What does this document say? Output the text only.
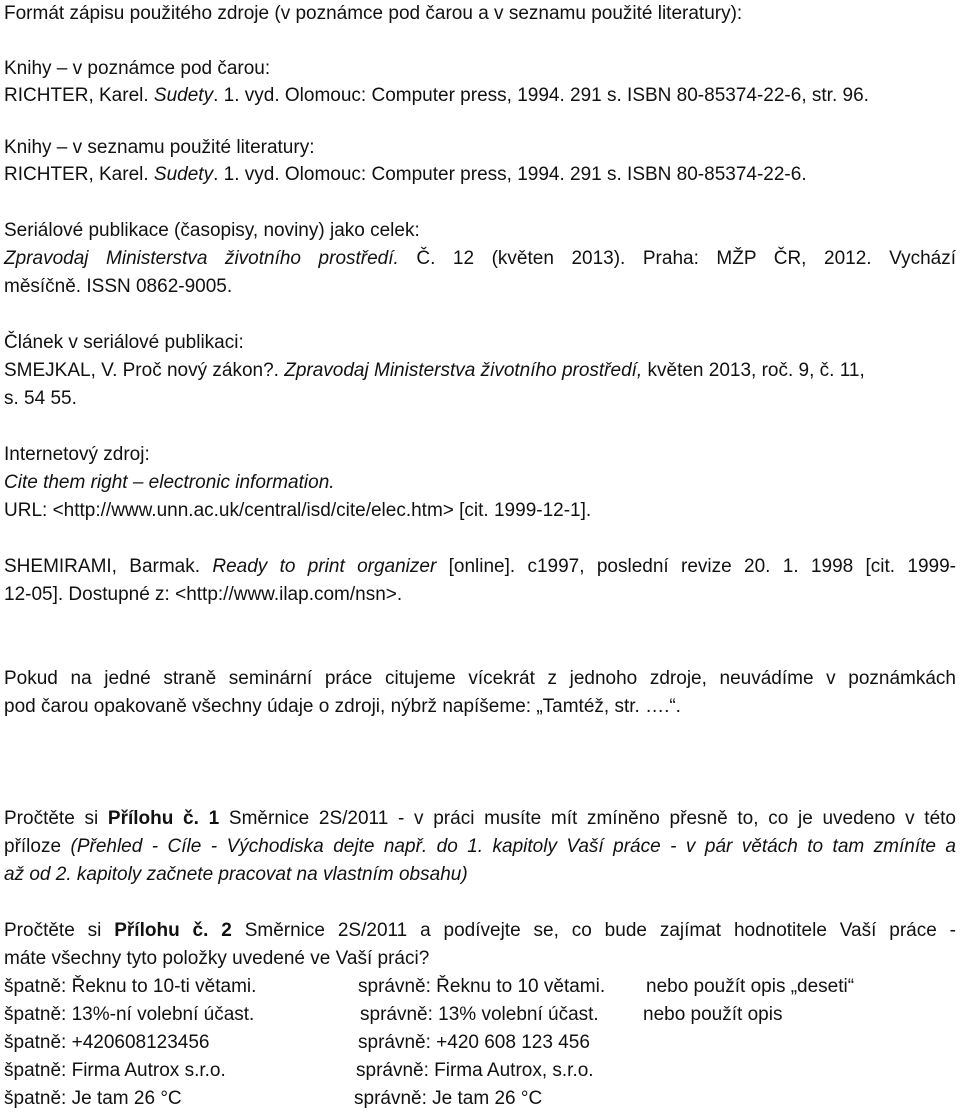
Formát zápisu použitého zdroje (v poznámce pod čarou a v seznamu použité literatury):
Knihy – v poznámce pod čarou:
RICHTER, Karel. Sudety. 1. vyd. Olomouc: Computer press, 1994. 291 s. ISBN 80-85374-22-6, str. 96.
Knihy – v seznamu použité literatury:
RICHTER, Karel. Sudety. 1. vyd. Olomouc: Computer press, 1994. 291 s. ISBN 80-85374-22-6.
Seriálové publikace (časopisy, noviny) jako celek:
Zpravodaj Ministerstva životního prostředí. Č. 12 (květen 2013). Praha: MŽP ČR, 2012. Vychází
měsíčně. ISSN 0862-9005.
Článek v seriálové publikaci:
SMEJKAL, V. Proč nový zákon?. Zpravodaj Ministerstva životního prostředí, květen 2013, roč. 9, č. 11,
s. 54 55.
Internetový zdroj:
Cite them right – electronic information.
URL: <http://www.unn.ac.uk/central/isd/cite/elec.htm> [cit. 1999-12-1].
SHEMIRAMI, Barmak. Ready to print organizer [online]. c1997, poslední revize 20. 1. 1998 [cit. 1999-
12-05]. Dostupné z: <http://www.ilap.com/nsn>.
Pokud na jedné straně seminární práce citujeme vícekrát z jednoho zdroje, neuvádíme v poznámkách
pod čarou opakovaně všechny údaje o zdroji, nýbrž napíšeme: „Tamtéž, str. ….“.
Pročtěte si Přílohu č. 1 Směrnice 2S/2011 - v práci musíte mít zmíněno přesně to, co je uvedeno v této
příloze (Přehled - Cíle - Východiska dejte např. do 1. kapitoly Vaší práce - v pár větách to tam zmíníte a
až od 2. kapitoly začnete pracovat na vlastním obsahu)
Pročtěte si Přílohu č. 2 Směrnice 2S/2011 a podívejte se, co bude zajímat hodnotitele Vaší práce -
máte všechny tyto položky uvedené ve Vaší práci?
špatně: Řeknu to 10-ti větami.	správně: Řeknu to 10 větami. nebo použít opis „deseti“
špatně: 13%-ní volební účast.	správně: 13% volební účast. nebo použít opis
špatně: +420608123456	správně: +420 608 123 456
špatně: Firma Autrox s.r.o.	správně: Firma Autrox, s.r.o.
špatně: Je tam 26 °C	správně: Je tam 26 °C
